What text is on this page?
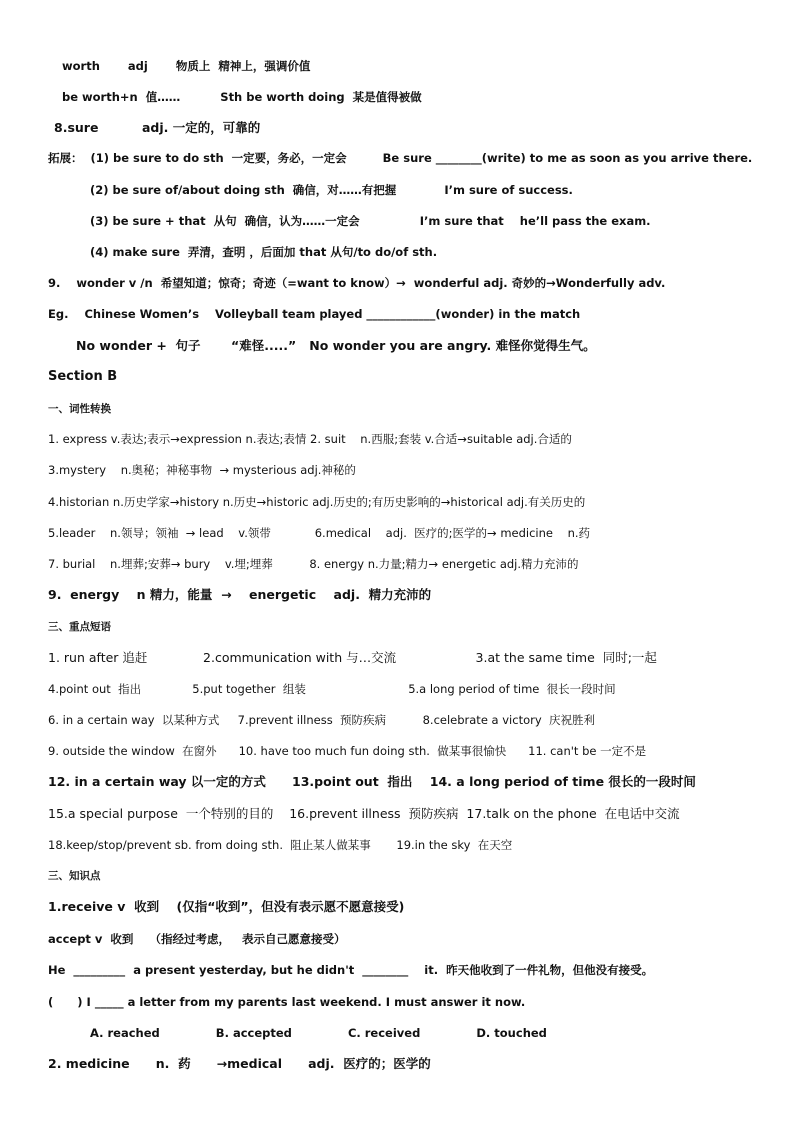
worth       adj       物质上  精神上，强调价值
be worth+n  值……          Sth be worth doing  某是值得被做
8.sure          adj. 一定的，可靠的
拓展：  (1) be sure to do sth  一定要，务必，一定会         Be sure ________(write) to me as soon as you arrive there.
(2) be sure of/about doing sth  确信，对……有把握            I’m sure of success.
(3) be sure + that  从句  确信，认为……一定会               I’m sure that    he’ll pass the exam.
(4) make sure  弄清，查明 ，后面加 that 从句/to do/of sth.
9.    wonder v /n  希望知道；惊奇；奇迹（=want to know）→  wonderful adj. 奇妙的→Wonderfully adv.
Eg.    Chinese Women’s    Volleyball team played ____________(wonder) in the match
No wonder +  句子       “难怪.....”   No wonder you are angry. 难怪你觉得生气。
Section B
一、词性转换
1. express v.表达;表示→expression n.表达;表情 2. suit    n.西服;套装 v.合适→suitable adj.合适的
3.mystery    n.奥秘；神秘事物  → mysterious adj.神秘的
4.historian n.历史学家→history n.历史→historic adj.历史的;有历史影响的→historical adj.有关历史的
5.leader    n.领导；领袖  → lead    v.领带            6.medical    adj.  医疗的;医学的→ medicine    n.药
7. burial    n.埋葬;安葬→ bury    v.埋;埋葬          8. energy n.力量;精力→ energetic adj.精力充沛的
9.  energy    n 精力，能量  →    energetic    adj.  精力充沛的
三、重点短语
1. run after 追赶              2.communication with 与…交流                    3.at the same time  同时;一起
4.point out  指出              5.put together  组装                            5.a long period of time  很长一段时间
6. in a certain way  以某种方式     7.prevent illness  预防疾病          8.celebrate a victory  庆祝胜利
9. outside the window  在窗外      10. have too much fun doing sth.  做某事很愉快      11. can't be 一定不是
12. in a certain way 以一定的方式      13.point out  指出    14. a long period of time 很长的一段时间
15.a special purpose  一个特别的目的    16.prevent illness  预防疾病  17.talk on the phone  在电话中交流
18.keep/stop/prevent sb. from doing sth.  阻止某人做某事       19.in the sky  在天空
三、知识点
1.receive v  收到    (仅指“收到”，但没有表示愿不愿意接受)
accept v  收到    （指经过考虑，   表示自己愿意接受）
He  _________  a present yesterday, but he didn't  ________    it.  昨天他收到了一件礼物，但他没有接受。
(      ) I _____ a letter from my parents last weekend. I must answer it now.
A. reached              B. accepted              C. received              D. touched
2. medicine      n.  药      →medical      adj.  医疗的；医学的
